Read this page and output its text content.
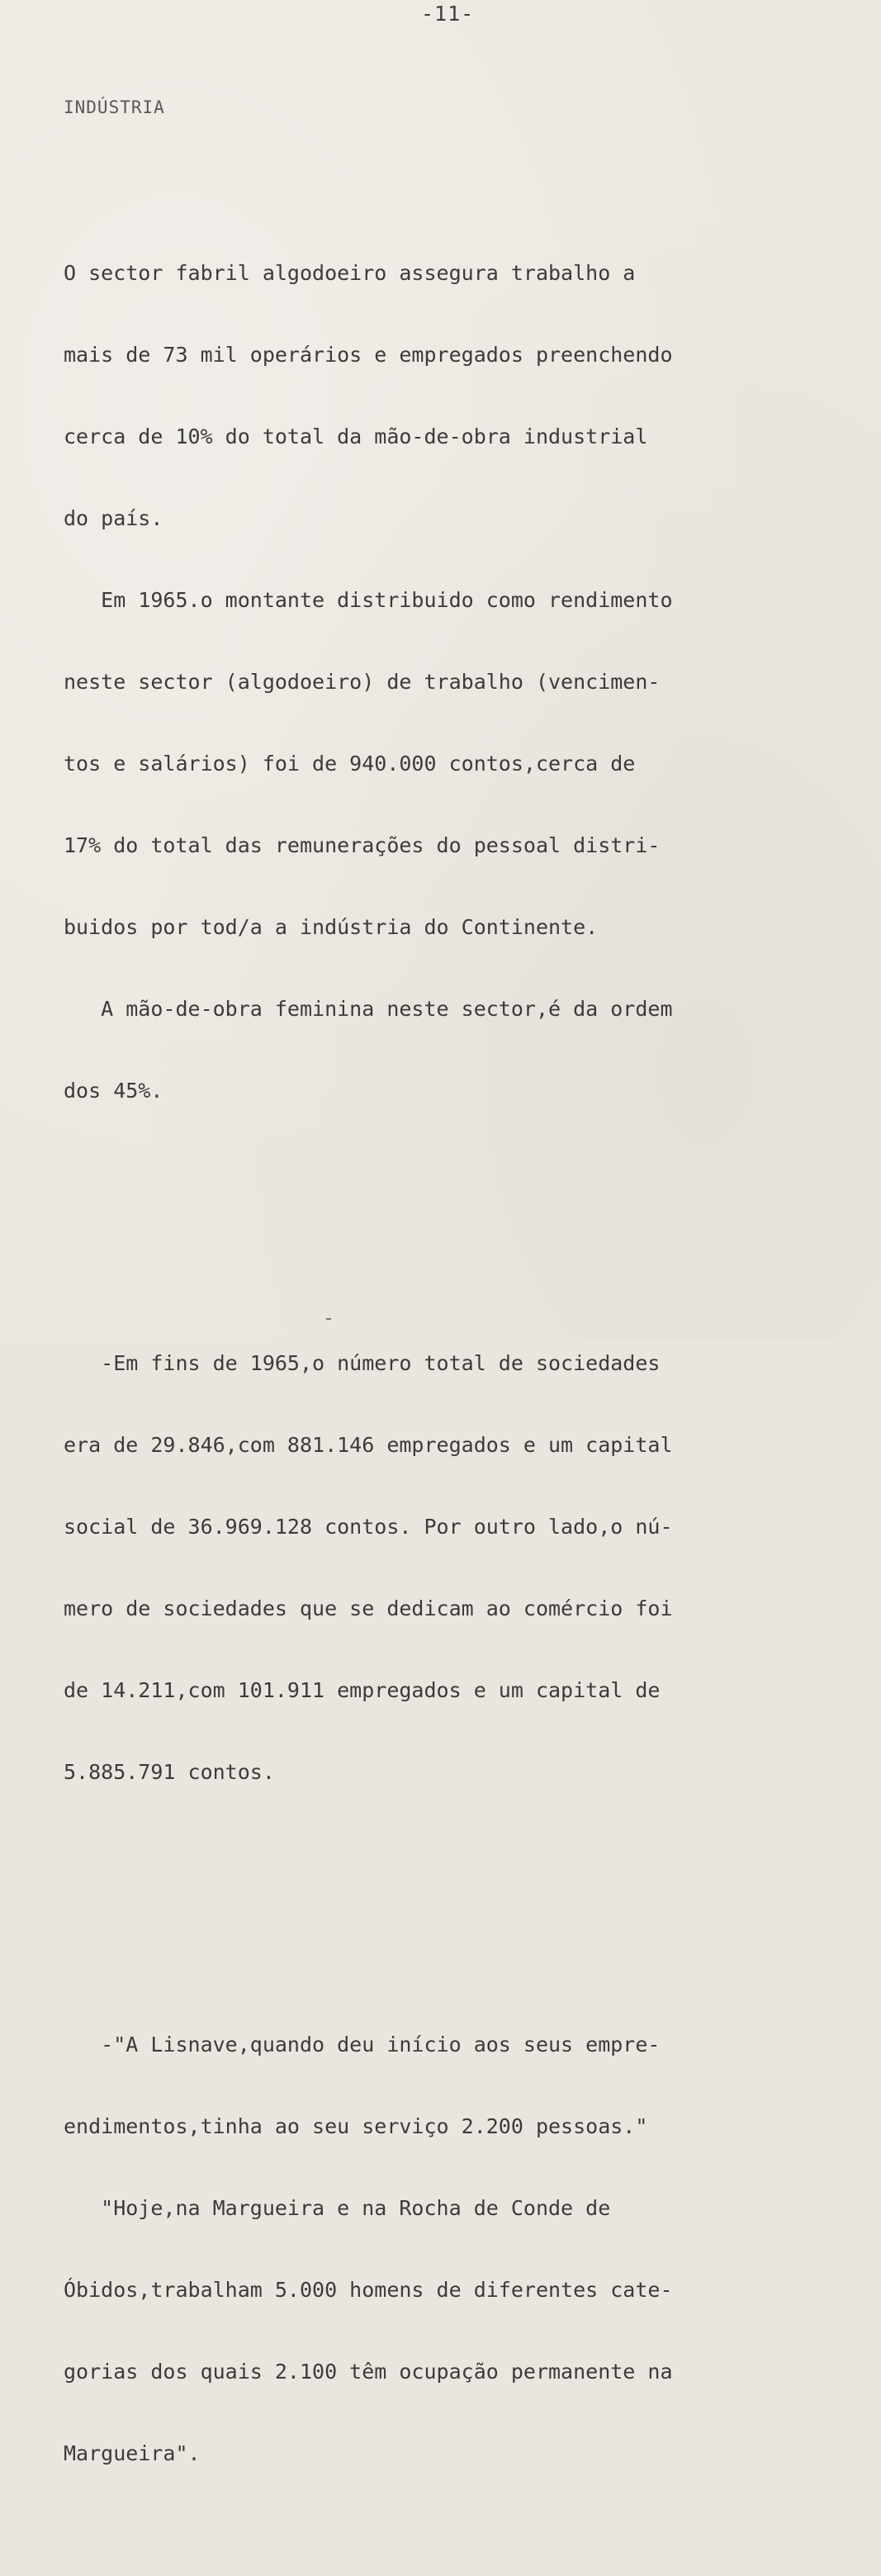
-11-
INDÚSTRIA

O sector fabril algodoeiro assegura trabalho a

mais de 73 mil operários e empregados preenchendo

cerca de 10% do total da mão-de-obra industrial

do país.

Em 1965.o montante distribuido como rendimento

neste sector (algodoeiro) de trabalho (vencimen-

tos e salários) foi de 940.000 contos,cerca de

17% do total das remunerações do pessoal distri-

buidos por tod/a a indústria do Continente.

A mão-de-obra feminina neste sector,é da ordem

dos 45%.

-Em fins de 1965,o número total de sociedades

era de 29.846,com 881.146 empregados e um capital

social de 36.969.128 contos. Por outro lado,o nú-

mero de sociedades que se dedicam ao comércio foi

de 14.211,com 101.911 empregados e um capital de

5.885.791 contos.

-"A Lisnave,quando deu início aos seus empre-

endimentos,tinha ao seu serviço 2.200 pessoas."

"Hoje,na Margueira e na Rocha de Conde de

Óbidos,trabalham 5.000 homens de diferentes cate-

gorias dos quais 2.100 têm ocupação permanente na

Margueira".
